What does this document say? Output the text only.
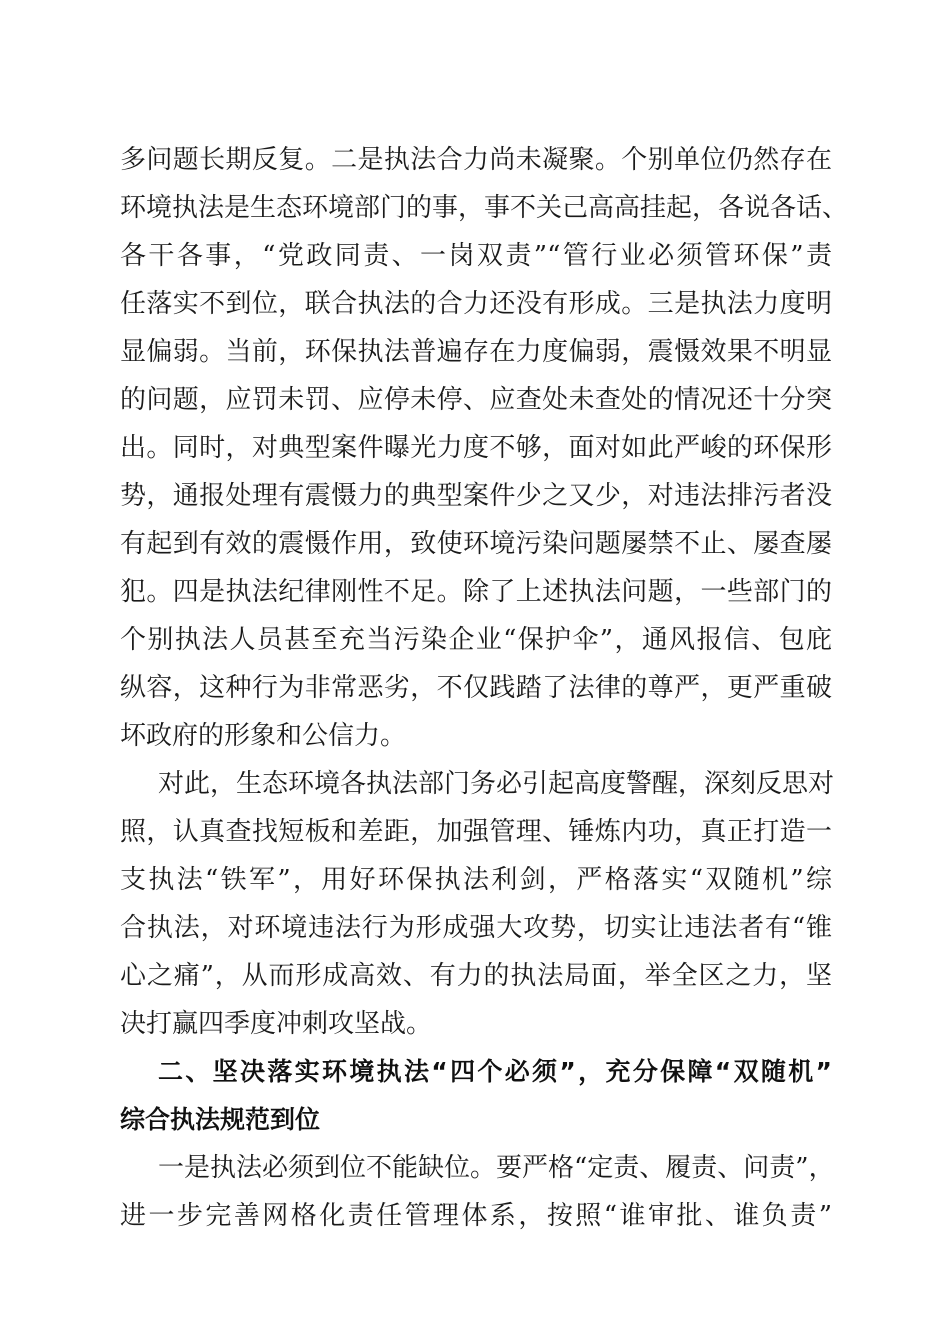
多问题长期反复。二是执法合力尚未凝聚。个别单位仍然存在
环境执法是生态环境部门的事，事不关己高高挂起，各说各话、
各干各事，“党政同责、一岗双责”“管行业必须管环保”责
任落实不到位，联合执法的合力还没有形成。三是执法力度明
显偏弱。当前，环保执法普遍存在力度偏弱，震慑效果不明显
的问题，应罚未罚、应停未停、应查处未查处的情况还十分突
出。同时，对典型案件曝光力度不够，面对如此严峻的环保形
势，通报处理有震慑力的典型案件少之又少，对违法排污者没
有起到有效的震慑作用，致使环境污染问题屡禁不止、屡查屡
犯。四是执法纪律刚性不足。除了上述执法问题，一些部门的
个别执法人员甚至充当污染企业“保护伞”，通风报信、包庇
纵容，这种行为非常恶劣，不仅践踏了法律的尊严，更严重破
坏政府的形象和公信力。
对此，生态环境各执法部门务必引起高度警醒，深刻反思对
照，认真查找短板和差距，加强管理、锤炼内功，真正打造一
支执法“铁军”，用好环保执法利剑，严格落实“双随机”综
合执法，对环境违法行为形成强大攻势，切实让违法者有“锥
心之痛”，从而形成高效、有力的执法局面，举全区之力，坚
决打赢四季度冲刺攻坚战。
二、坚决落实环境执法“四个必须”，充分保障“双随机”
综合执法规范到位
一是执法必须到位不能缺位。要严格“定责、履责、问责”，
进一步完善网格化责任管理体系，按照“谁审批、谁负责”
